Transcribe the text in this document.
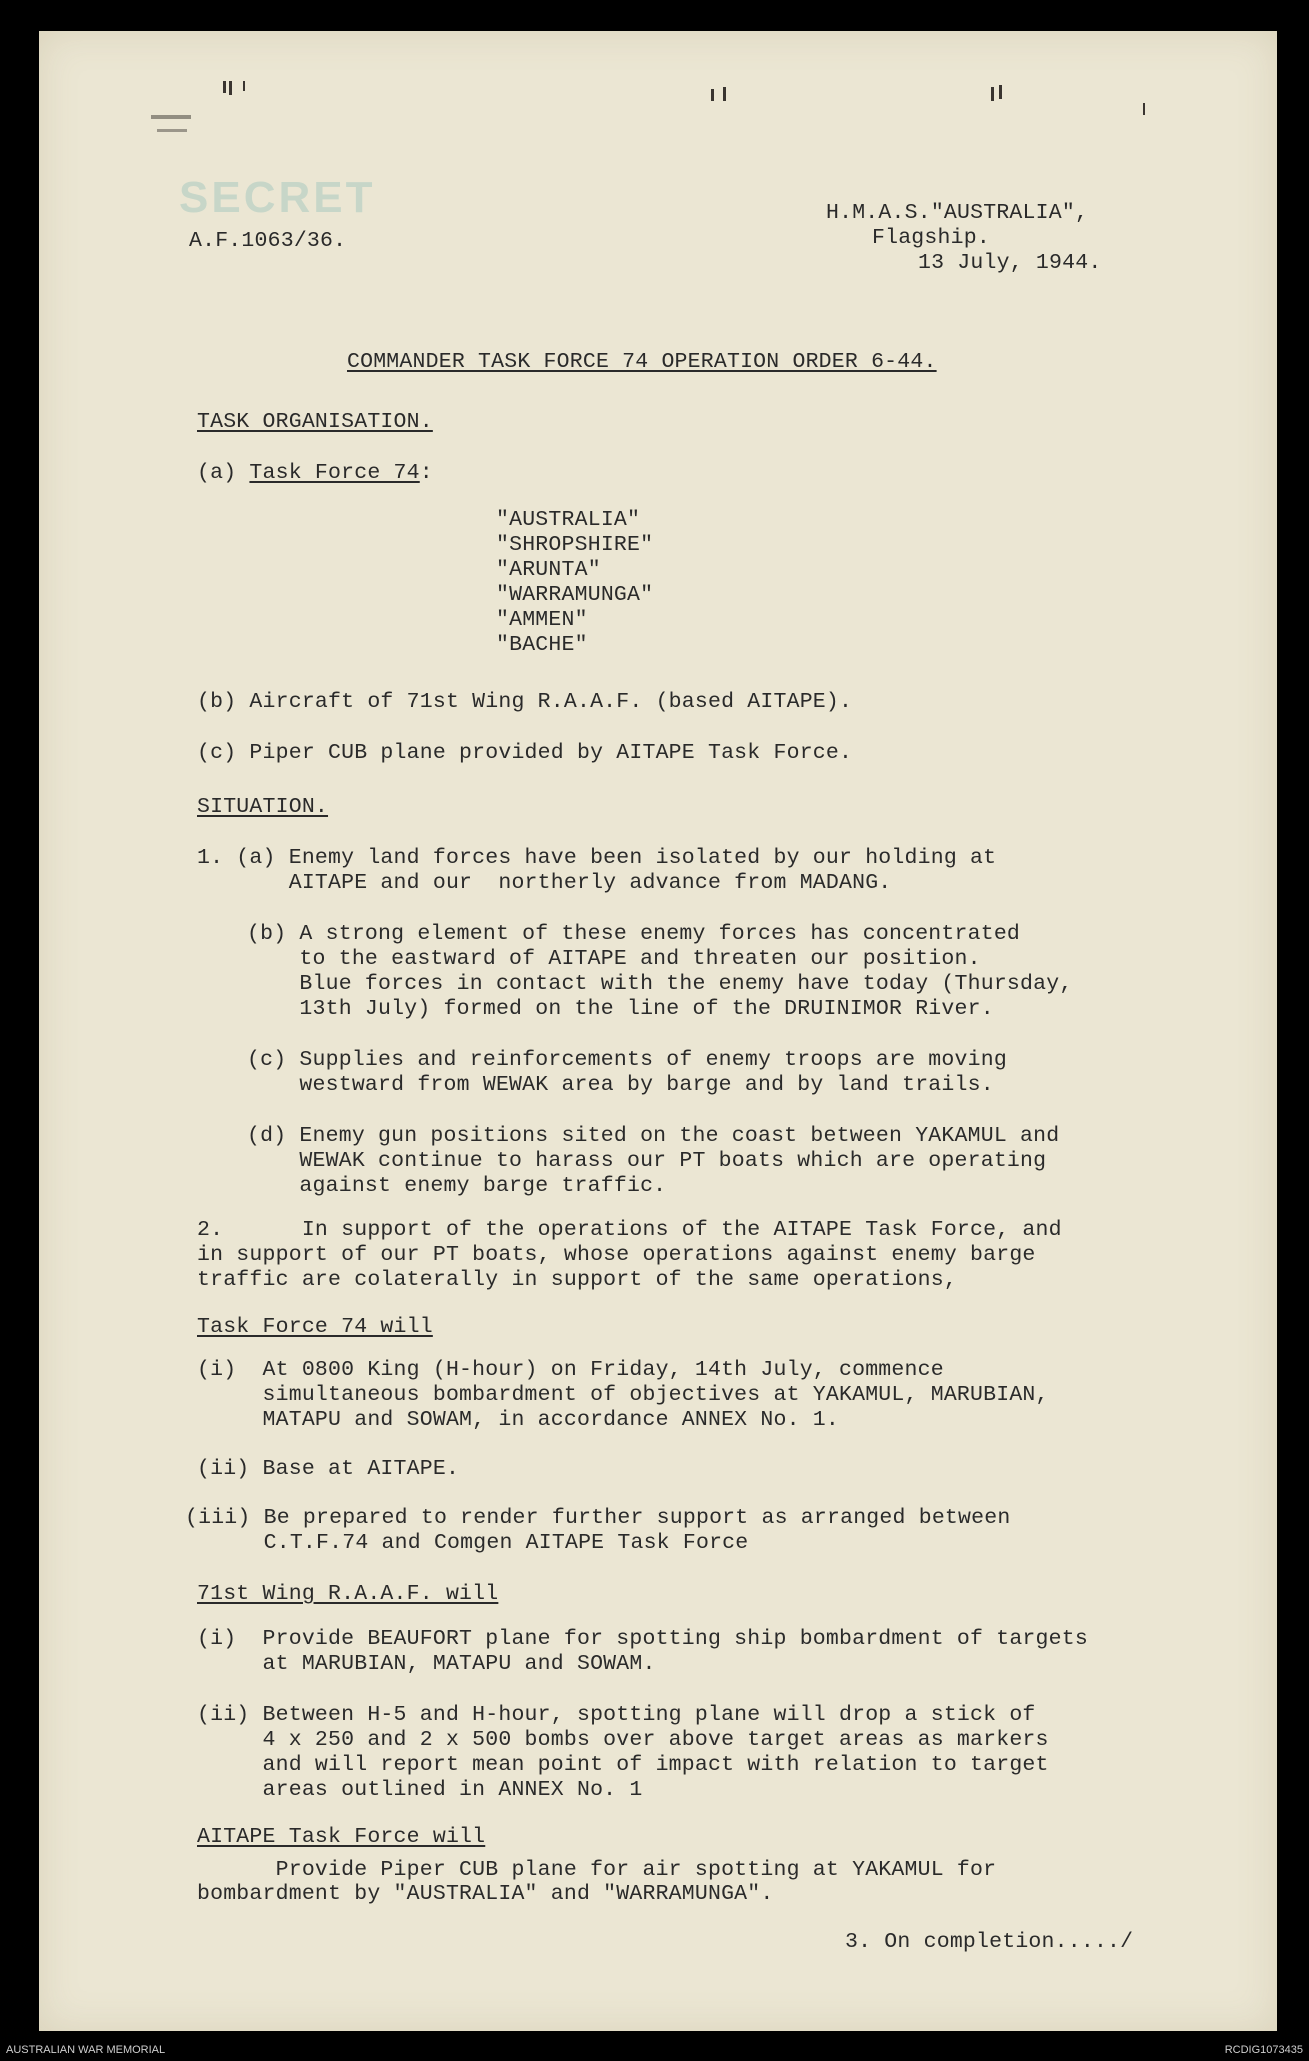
SECRET
A.F.1063/36.
H.M.A.S."AUSTRALIA",
Flagship.
13 July, 1944.
COMMANDER TASK FORCE 74 OPERATION ORDER 6-44.
TASK ORGANISATION.
(a) Task Force 74:
"AUSTRALIA"
"SHROPSHIRE"
"ARUNTA"
"WARRAMUNGA"
"AMMEN"
"BACHE"
(b) Aircraft of 71st Wing R.A.A.F. (based AITAPE).
(c) Piper CUB plane provided by AITAPE Task Force.
SITUATION.
1. (a) Enemy land forces have been isolated by our holding at
AITAPE and our  northerly advance from MADANG.
(b) A strong element of these enemy forces has concentrated
to the eastward of AITAPE and threaten our position.
Blue forces in contact with the enemy have today (Thursday,
13th July) formed on the line of the DRUINIMOR River.
(c) Supplies and reinforcements of enemy troops are moving
westward from WEWAK area by barge and by land trails.
(d) Enemy gun positions sited on the coast between YAKAMUL and
WEWAK continue to harass our PT boats which are operating
against enemy barge traffic.
2.      In support of the operations of the AITAPE Task Force, and
in support of our PT boats, whose operations against enemy barge
traffic are colaterally in support of the same operations,
Task Force 74 will
(i)  At 0800 King (H-hour) on Friday, 14th July, commence
simultaneous bombardment of objectives at YAKAMUL, MARUBIAN,
MATAPU and SOWAM, in accordance ANNEX No. 1.
(ii) Base at AITAPE.
(iii) Be prepared to render further support as arranged between
C.T.F.74 and Comgen AITAPE Task Force
71st Wing R.A.A.F. will
(i)  Provide BEAUFORT plane for spotting ship bombardment of targets
at MARUBIAN, MATAPU and SOWAM.
(ii) Between H-5 and H-hour, spotting plane will drop a stick of
4 x 250 and 2 x 500 bombs over above target areas as markers
and will report mean point of impact with relation to target
areas outlined in ANNEX No. 1
AITAPE Task Force will
Provide Piper CUB plane for air spotting at YAKAMUL for
bombardment by "AUSTRALIA" and "WARRAMUNGA".
3. On completion...../
AUSTRALIAN WAR MEMORIAL	RCDIG1073435
